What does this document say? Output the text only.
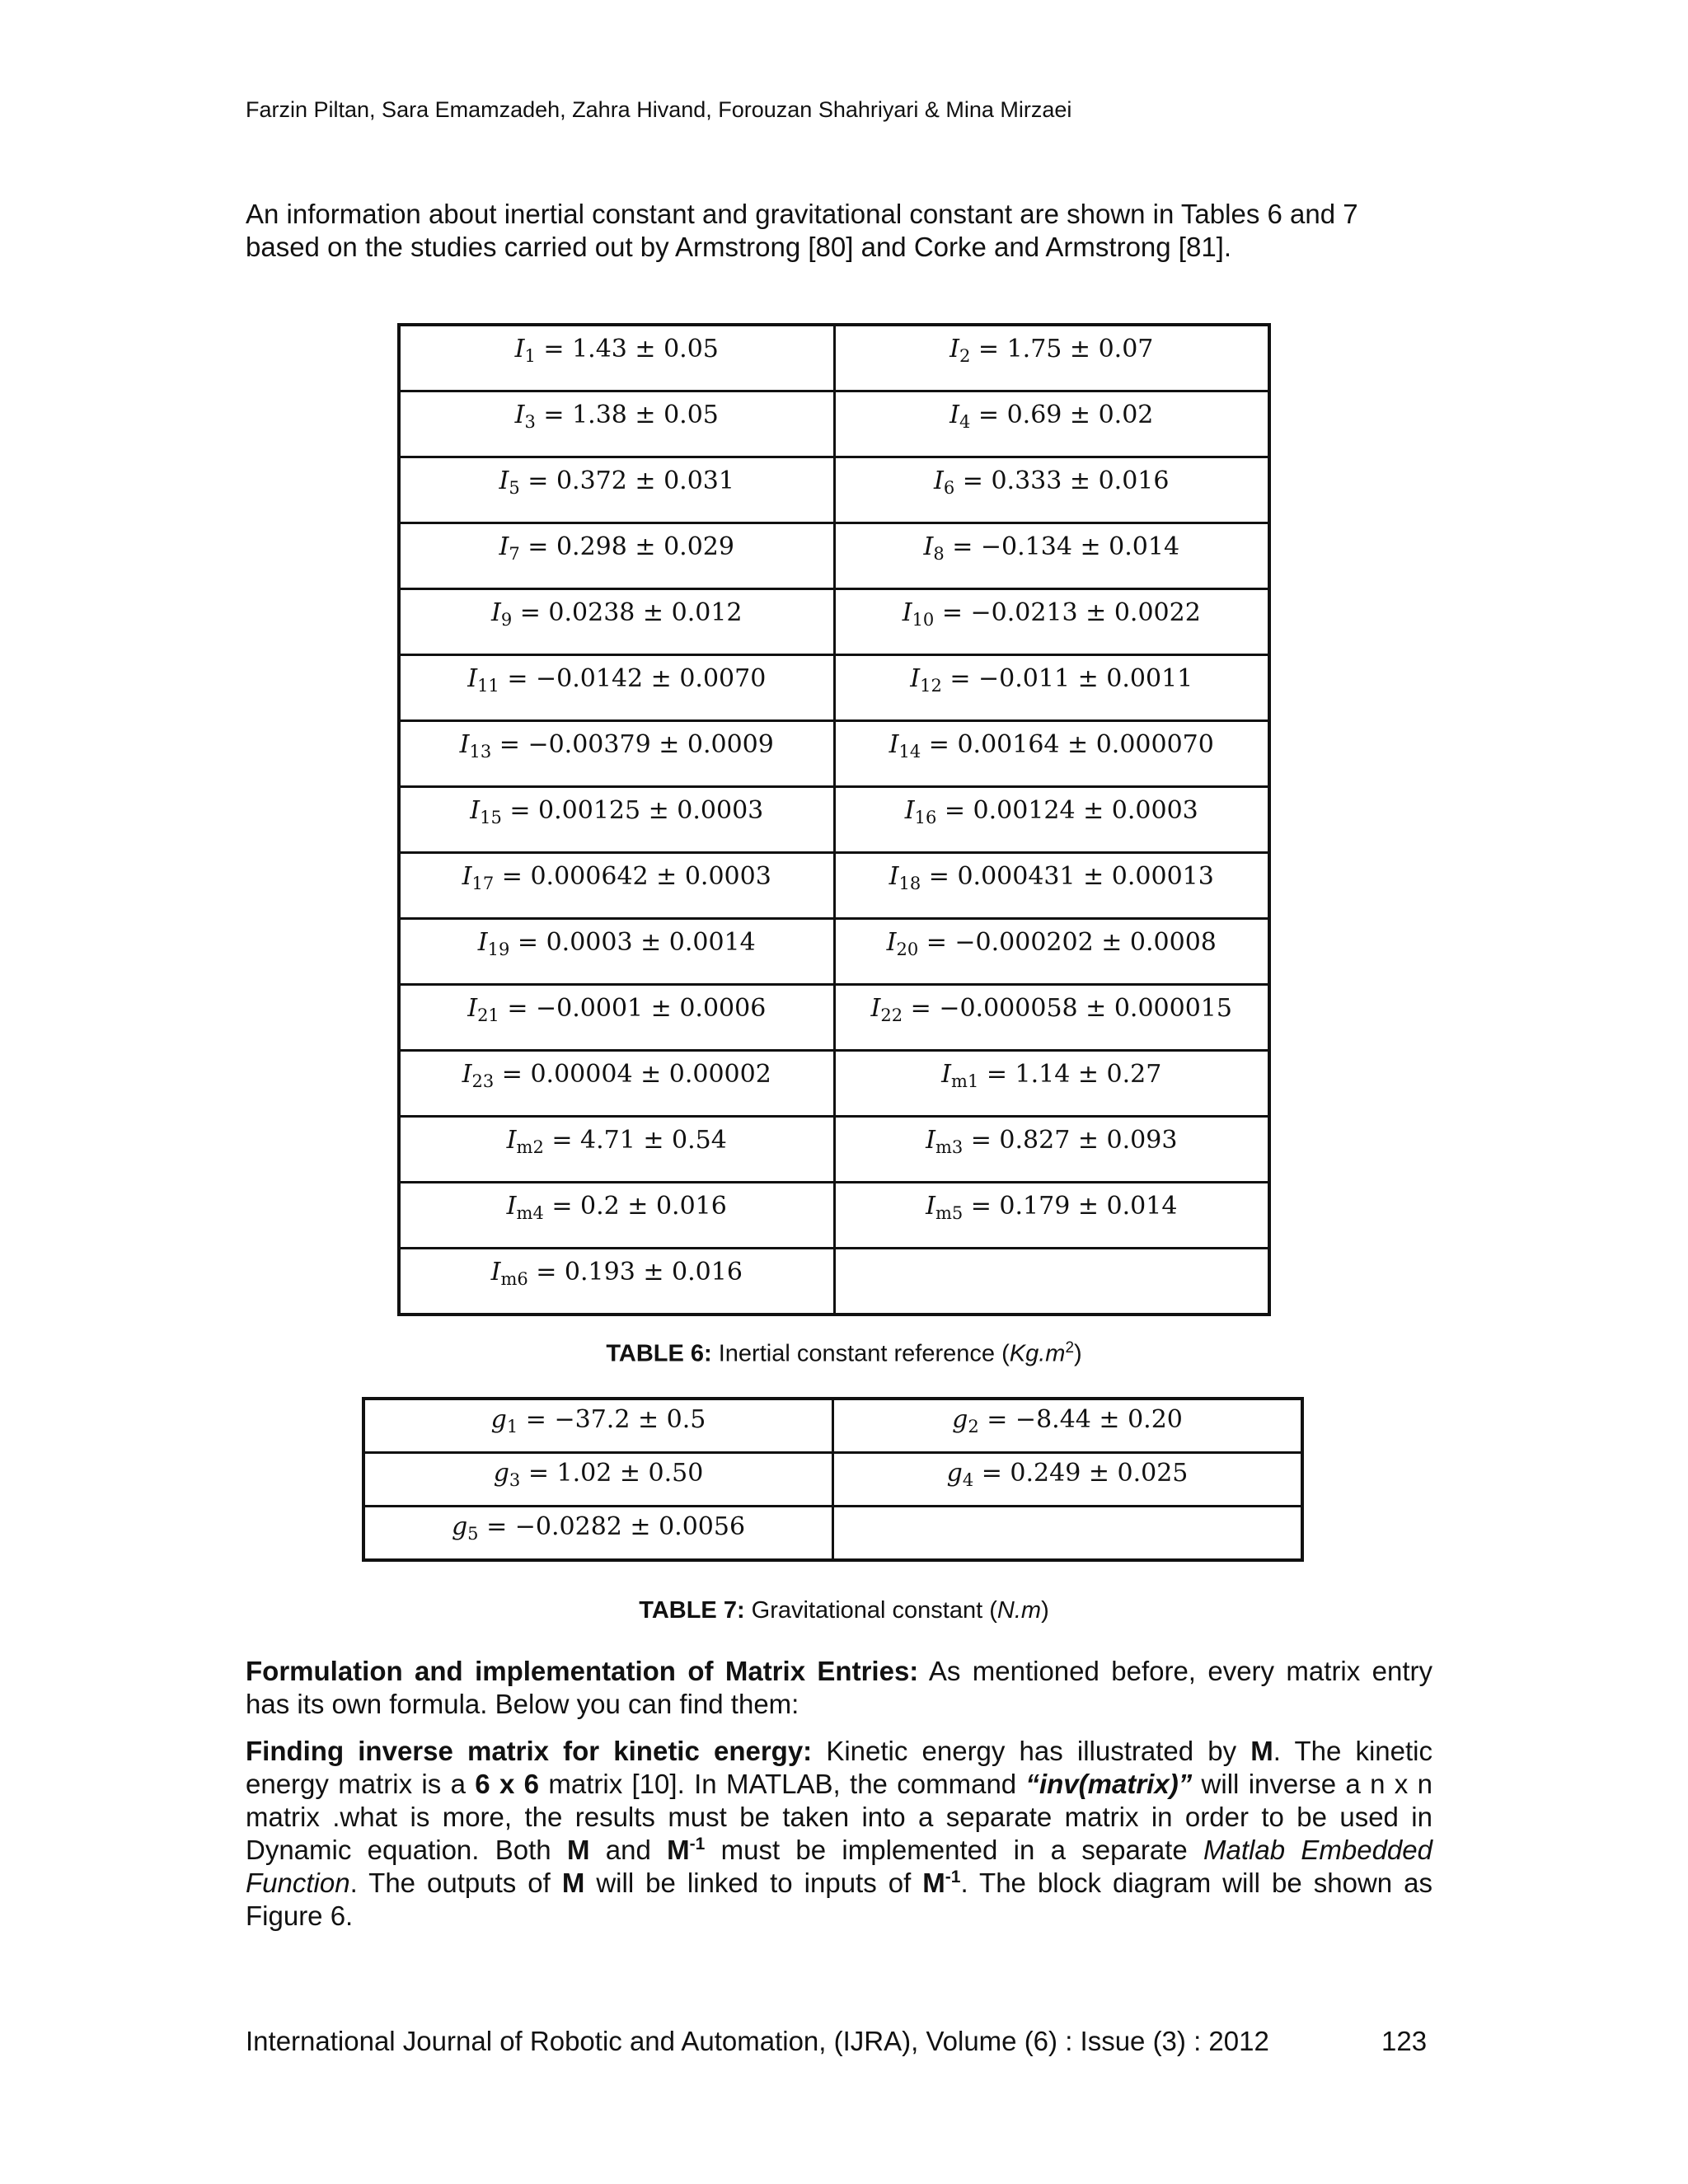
Farzin Piltan, Sara Emamzadeh, Zahra Hivand, Forouzan Shahriyari & Mina Mirzaei
An information about inertial constant and gravitational constant are shown in Tables 6 and 7 based on the studies carried out by Armstrong [80] and Corke and Armstrong [81].
$I_1 = 1.43 \pm 0.05$	$I_2 = 1.75 \pm 0.07$

$I_3 = 1.38 \pm 0.05$	$I_4 = 0.69 \pm 0.02$

$I_5 = 0.372 \pm 0.031$	$I_6 = 0.333 \pm 0.016$

$I_7 = 0.298 \pm 0.029$	$I_8 = -0.134 \pm 0.014$

$I_9 = 0.0238 \pm 0.012$	$I_{10} = -0.0213 \pm 0.0022$

$I_{11} = -0.0142 \pm 0.0070$	$I_{12} = -0.011 \pm 0.0011$

$I_{13} = -0.00379 \pm 0.0009$	$I_{14} = 0.00164 \pm 0.000070$

$I_{15} = 0.00125 \pm 0.0003$	$I_{16} = 0.00124 \pm 0.0003$

$I_{17} = 0.000642 \pm 0.0003$	$I_{18} = 0.000431 \pm 0.00013$

$I_{19} = 0.0003 \pm 0.0014$	$I_{20} = -0.000202 \pm 0.0008$

$I_{21} = -0.0001 \pm 0.0006$	$I_{22} = -0.000058 \pm 0.000015$

$I_{23} = 0.00004 \pm 0.00002$	$I_{m1} = 1.14 \pm 0.27$

$I_{m2} = 4.71 \pm 0.54$	$I_{m3} = 0.827 \pm 0.093$

$I_{m4} = 0.2 \pm 0.016$	$I_{m5} = 0.179 \pm 0.014$

$I_{m6} = 0.193 \pm 0.016$	

TABLE 6: Inertial constant reference $(Kg.m^2)$
$g_1 = -37.2 \pm 0.5$	$g_2 = -8.44 \pm 0.20$

$g_3 = 1.02 \pm 0.50$	$g_4 = 0.249 \pm 0.025$

$g_5 = -0.0282 \pm 0.0056$	

TABLE 7: Gravitational constant (N.m)
Formulation and implementation of Matrix Entries: As mentioned before, every matrix entry has its own formula. Below you can find them:
Finding inverse matrix for kinetic energy: Kinetic energy has illustrated by M. The kinetic energy matrix is a 6 x 6 matrix [10]. In MATLAB, the command “inv(matrix)” will inverse a n x n matrix .what is more, the results must be taken into a separate matrix in order to be used in Dynamic equation. Both M and $M^{-1}$ must be implemented in a separate Matlab Embedded Function. The outputs of M will be linked to inputs of $M^{-1}$. The block diagram will be shown as Figure 6.
International Journal of Robotic and Automation, (IJRA), Volume (6) : Issue (3) : 2012	123
